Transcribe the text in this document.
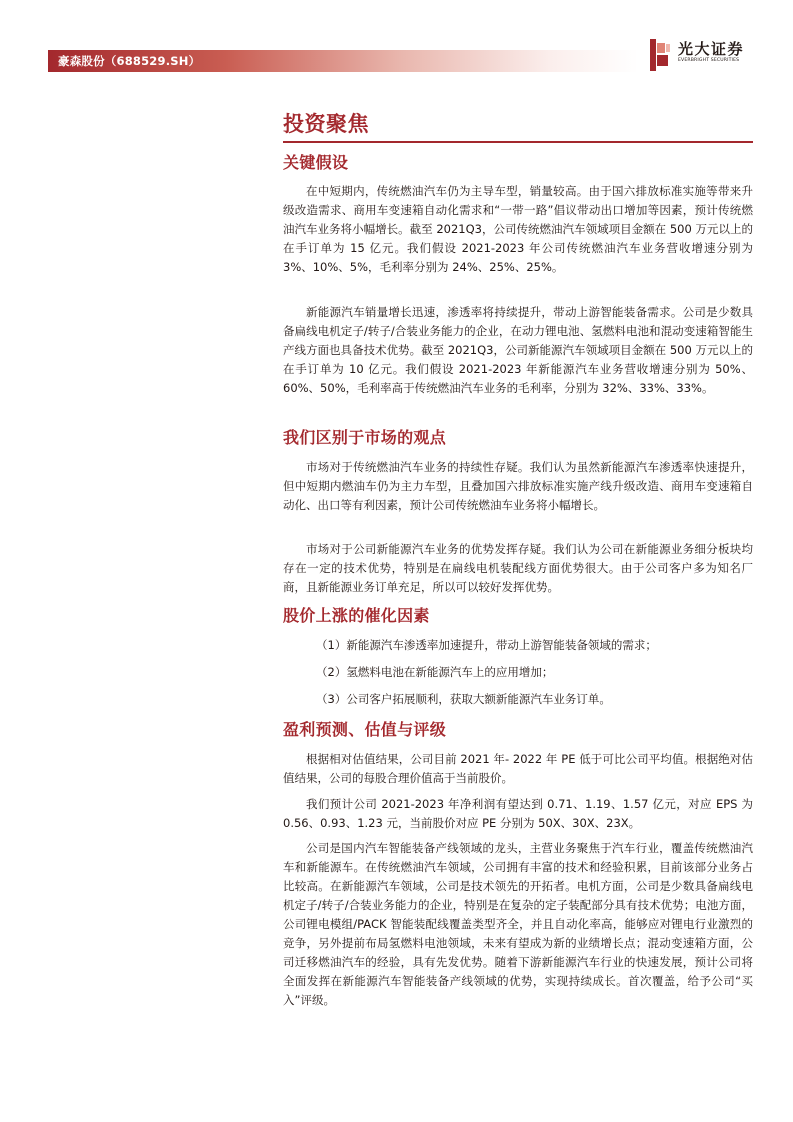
豪森股份（688529.SH）
光大证券
EVERBRIGHT SECURITIES
投资聚焦
关键假设

在中短期内，传统燃油汽车仍为主导车型，销量较高。由于国六排放标准实施等带来升级改造需求、商用车变速箱自动化需求和“一带一路”倡议带动出口增加等因素，预计传统燃油汽车业务将小幅增长。截至 2021Q3，公司传统燃油汽车领域项目金额在 500 万元以上的在手订单为 15 亿元。我们假设 2021-2023 年公司传统燃油汽车业务营收增速分别为 3%、10%、5%，毛利率分别为 24%、25%、25%。

新能源汽车销量增长迅速，渗透率将持续提升，带动上游智能装备需求。公司是少数具备扁线电机定子/转子/合装业务能力的企业，在动力锂电池、氢燃料电池和混动变速箱智能生产线方面也具备技术优势。截至 2021Q3，公司新能源汽车领域项目金额在 500 万元以上的在手订单为 10 亿元。我们假设 2021-2023 年新能源汽车业务营收增速分别为 50%、60%、50%，毛利率高于传统燃油汽车业务的毛利率，分别为 32%、33%、33%。

我们区别于市场的观点

市场对于传统燃油汽车业务的持续性存疑。我们认为虽然新能源汽车渗透率快速提升，但中短期内燃油车仍为主力车型，且叠加国六排放标准实施产线升级改造、商用车变速箱自动化、出口等有利因素，预计公司传统燃油车业务将小幅增长。

市场对于公司新能源汽车业务的优势发挥存疑。我们认为公司在新能源业务细分板块均存在一定的技术优势，特别是在扁线电机装配线方面优势很大。由于公司客户多为知名厂商，且新能源业务订单充足，所以可以较好发挥优势。

股价上涨的催化因素

（1）新能源汽车渗透率加速提升，带动上游智能装备领域的需求；

（2）氢燃料电池在新能源汽车上的应用增加；

（3）公司客户拓展顺利，获取大额新能源汽车业务订单。

盈利预测、估值与评级

根据相对估值结果，公司目前 2021 年- 2022 年 PE 低于可比公司平均值。根据绝对估值结果，公司的每股合理价值高于当前股价。

我们预计公司 2021-2023 年净利润有望达到 0.71、1.19、1.57 亿元，对应 EPS 为 0.56、0.93、1.23 元，当前股价对应 PE 分别为 50X、30X、23X。

公司是国内汽车智能装备产线领域的龙头，主营业务聚焦于汽车行业，覆盖传统燃油汽车和新能源车。在传统燃油汽车领域，公司拥有丰富的技术和经验积累，目前该部分业务占比较高。在新能源汽车领域，公司是技术领先的开拓者。电机方面，公司是少数具备扁线电机定子/转子/合装业务能力的企业，特别是在复杂的定子装配部分具有技术优势；电池方面，公司锂电模组/PACK 智能装配线覆盖类型齐全，并且自动化率高，能够应对锂电行业激烈的竞争，另外提前布局氢燃料电池领域，未来有望成为新的业绩增长点；混动变速箱方面，公司迁移燃油汽车的经验，具有先发优势。随着下游新能源汽车行业的快速发展，预计公司将全面发挥在新能源汽车智能装备产线领域的优势，实现持续成长。首次覆盖，给予公司“买入”评级。
